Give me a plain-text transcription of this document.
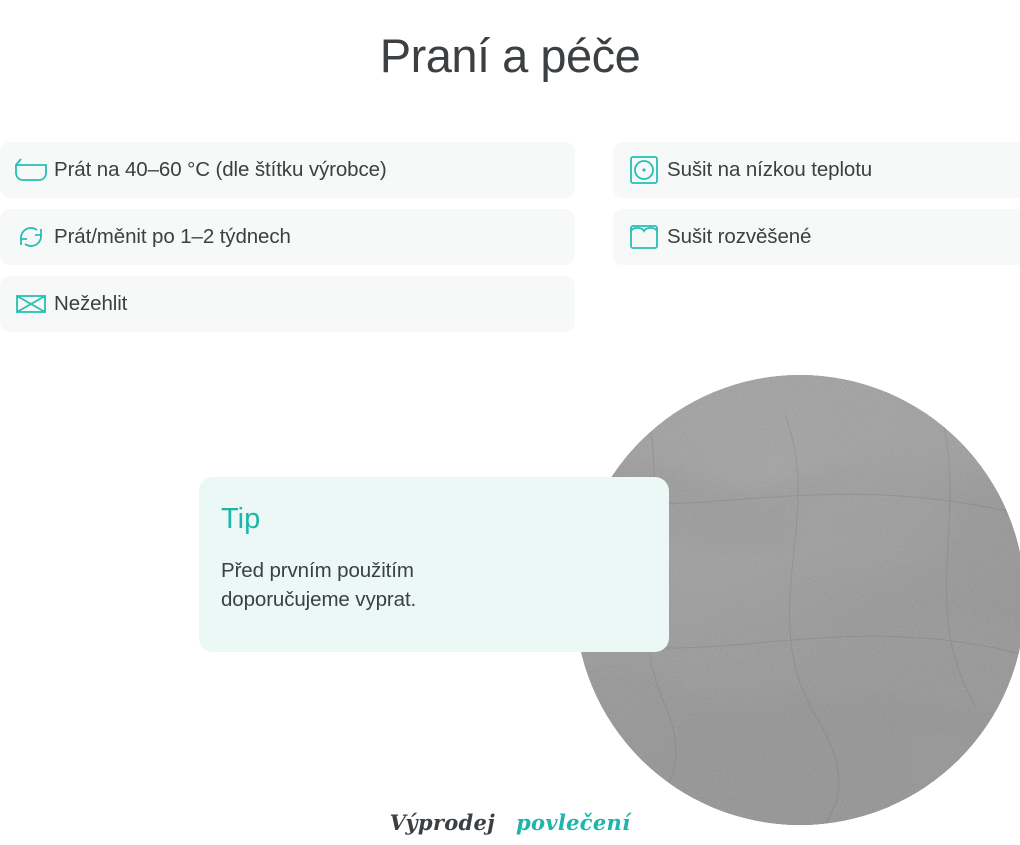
Praní a péče
Prát na 40–60 °C (dle štítku výrobce)
Prát/měnit po 1–2 týdnech
Nežehlit
Sušit na nízkou teplotu
Sušit rozvěšené
Tip
Před prvním použitím
doporučujeme vyprat.
Výprodej povlečení
